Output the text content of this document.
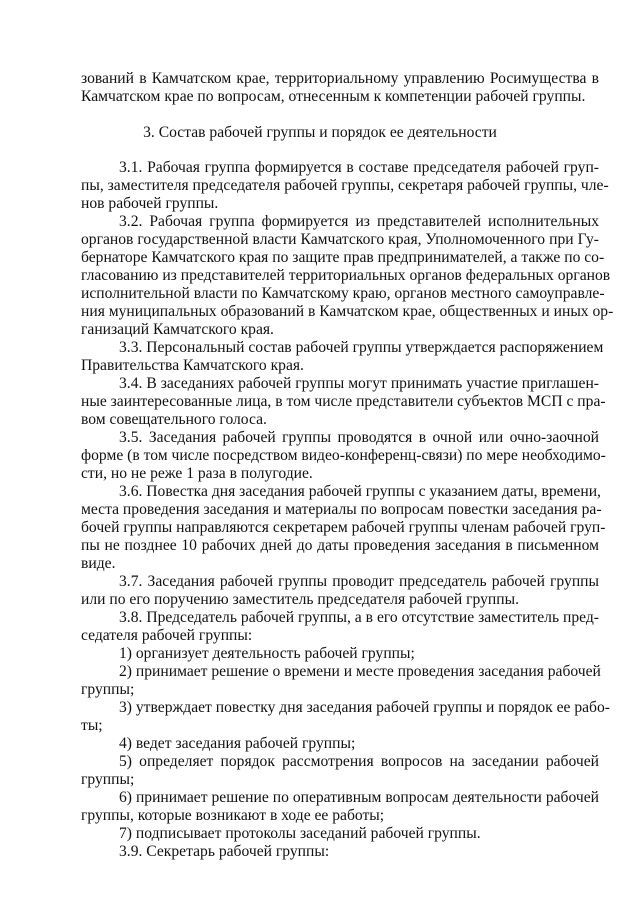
зований в Камчатском крае, территориальному управлению Росимущества в
Камчатском крае по вопросам, отнесенным к компетенции рабочей группы.
3. Состав рабочей группы и порядок ее деятельности
3.1. Рабочая группа формируется в составе председателя рабочей груп-
пы, заместителя председателя рабочей группы, секретаря рабочей группы, чле-
нов рабочей группы.
3.2. Рабочая группа формируется из представителей исполнительных
органов государственной власти Камчатского края, Уполномоченного при Гу-
бернаторе Камчатского края по защите прав предпринимателей, а также по со-
гласованию из представителей территориальных органов федеральных органов
исполнительной власти по Камчатскому краю, органов местного самоуправле-
ния муниципальных образований в Камчатском крае, общественных и иных ор-
ганизаций Камчатского края.
3.3. Персональный состав рабочей группы утверждается распоряжением
Правительства Камчатского края.
3.4. В заседаниях рабочей группы могут принимать участие приглашен-
ные заинтересованные лица, в том числе представители субъектов МСП с пра-
вом совещательного голоса.
3.5. Заседания рабочей группы проводятся в очной или очно-заочной
форме (в том числе посредством видео-конференц-связи) по мере необходимо-
сти, но не реже 1 раза в полугодие.
3.6. Повестка дня заседания рабочей группы с указанием даты, времени,
места проведения заседания и материалы по вопросам повестки заседания ра-
бочей группы направляются секретарем рабочей группы членам рабочей груп-
пы не позднее 10 рабочих дней до даты проведения заседания в письменном
виде.
3.7. Заседания рабочей группы проводит председатель рабочей группы
или по его поручению заместитель председателя рабочей группы.
3.8. Председатель рабочей группы, а в его отсутствие заместитель пред-
седателя рабочей группы:
1) организует деятельность рабочей группы;
2) принимает решение о времени и месте проведения заседания рабочей
группы;
3) утверждает повестку дня заседания рабочей группы и порядок ее рабо-
ты;
4) ведет заседания рабочей группы;
5) определяет порядок рассмотрения вопросов на заседании рабочей
группы;
6) принимает решение по оперативным вопросам деятельности рабочей
группы, которые возникают в ходе ее работы;
7) подписывает протоколы заседаний рабочей группы.
3.9. Секретарь рабочей группы:
